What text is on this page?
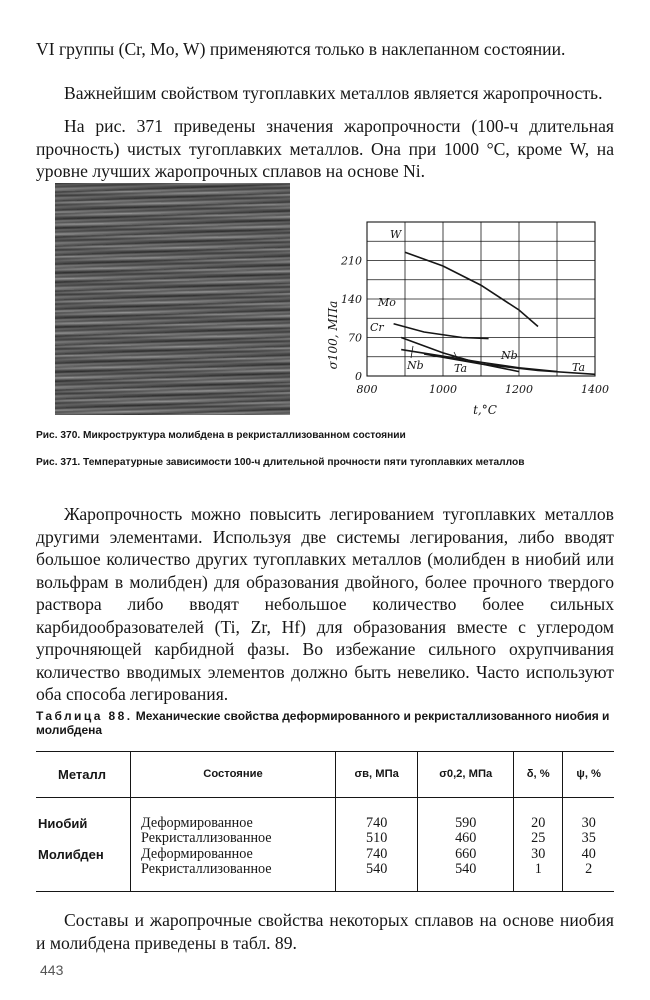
VI группы (Cr, Mo, W) применяются только в наклепанном состоянии.

Важнейшим свойством тугоплавких металлов является жаропрочность.

На рис. 371 приведены значения жаропрочности (100-ч длительная прочность) чистых тугоплавких металлов. Она при 1000 °C, кроме W, на уровне лучших жаропрочных сплавов на основе Ni.

800	1000	1200	1400
0
70
140
210
W
Mo
Cr
Nb	Ta
Nb
Ta
σ100, МПа
t,°C

Рис. 370. Микроструктура молибдена в рекристаллизованном состоянии

Рис. 371. Температурные зависимости 100-ч длительной прочности пяти тугоплавких металлов

Жаропрочность можно повысить легированием тугоплавких металлов другими элементами. Используя две системы легирования, либо вводят большое количество других тугоплавких металлов (молибден в ниобий или вольфрам в молибден) для образования двойного, более прочного твердого раствора либо вводят небольшое количество более сильных карбидообразователей (Ti, Zr, Hf) для образования вместе с углеродом упрочняющей карбидной фазы. Во избежание сильного охрупчивания количество вводимых элементов должно быть невелико. Часто используют оба способа легирования.

Таблица 88. Механические свойства деформированного и рекристаллизованного ниобия и молибдена

Металл	Состояние	σв, МПа	σ0,2, МПа	δ, %	ψ, %
Ниобий	Деформированное	740	590	20	30
	Рекристаллизованное	510	460	25	35
Молибден	Деформированное	740	660	30	40
	Рекристаллизованное	540	540	1	2

Составы и жаропрочные свойства некоторых сплавов на основе ниобия и молибдена приведены в табл. 89.

443
